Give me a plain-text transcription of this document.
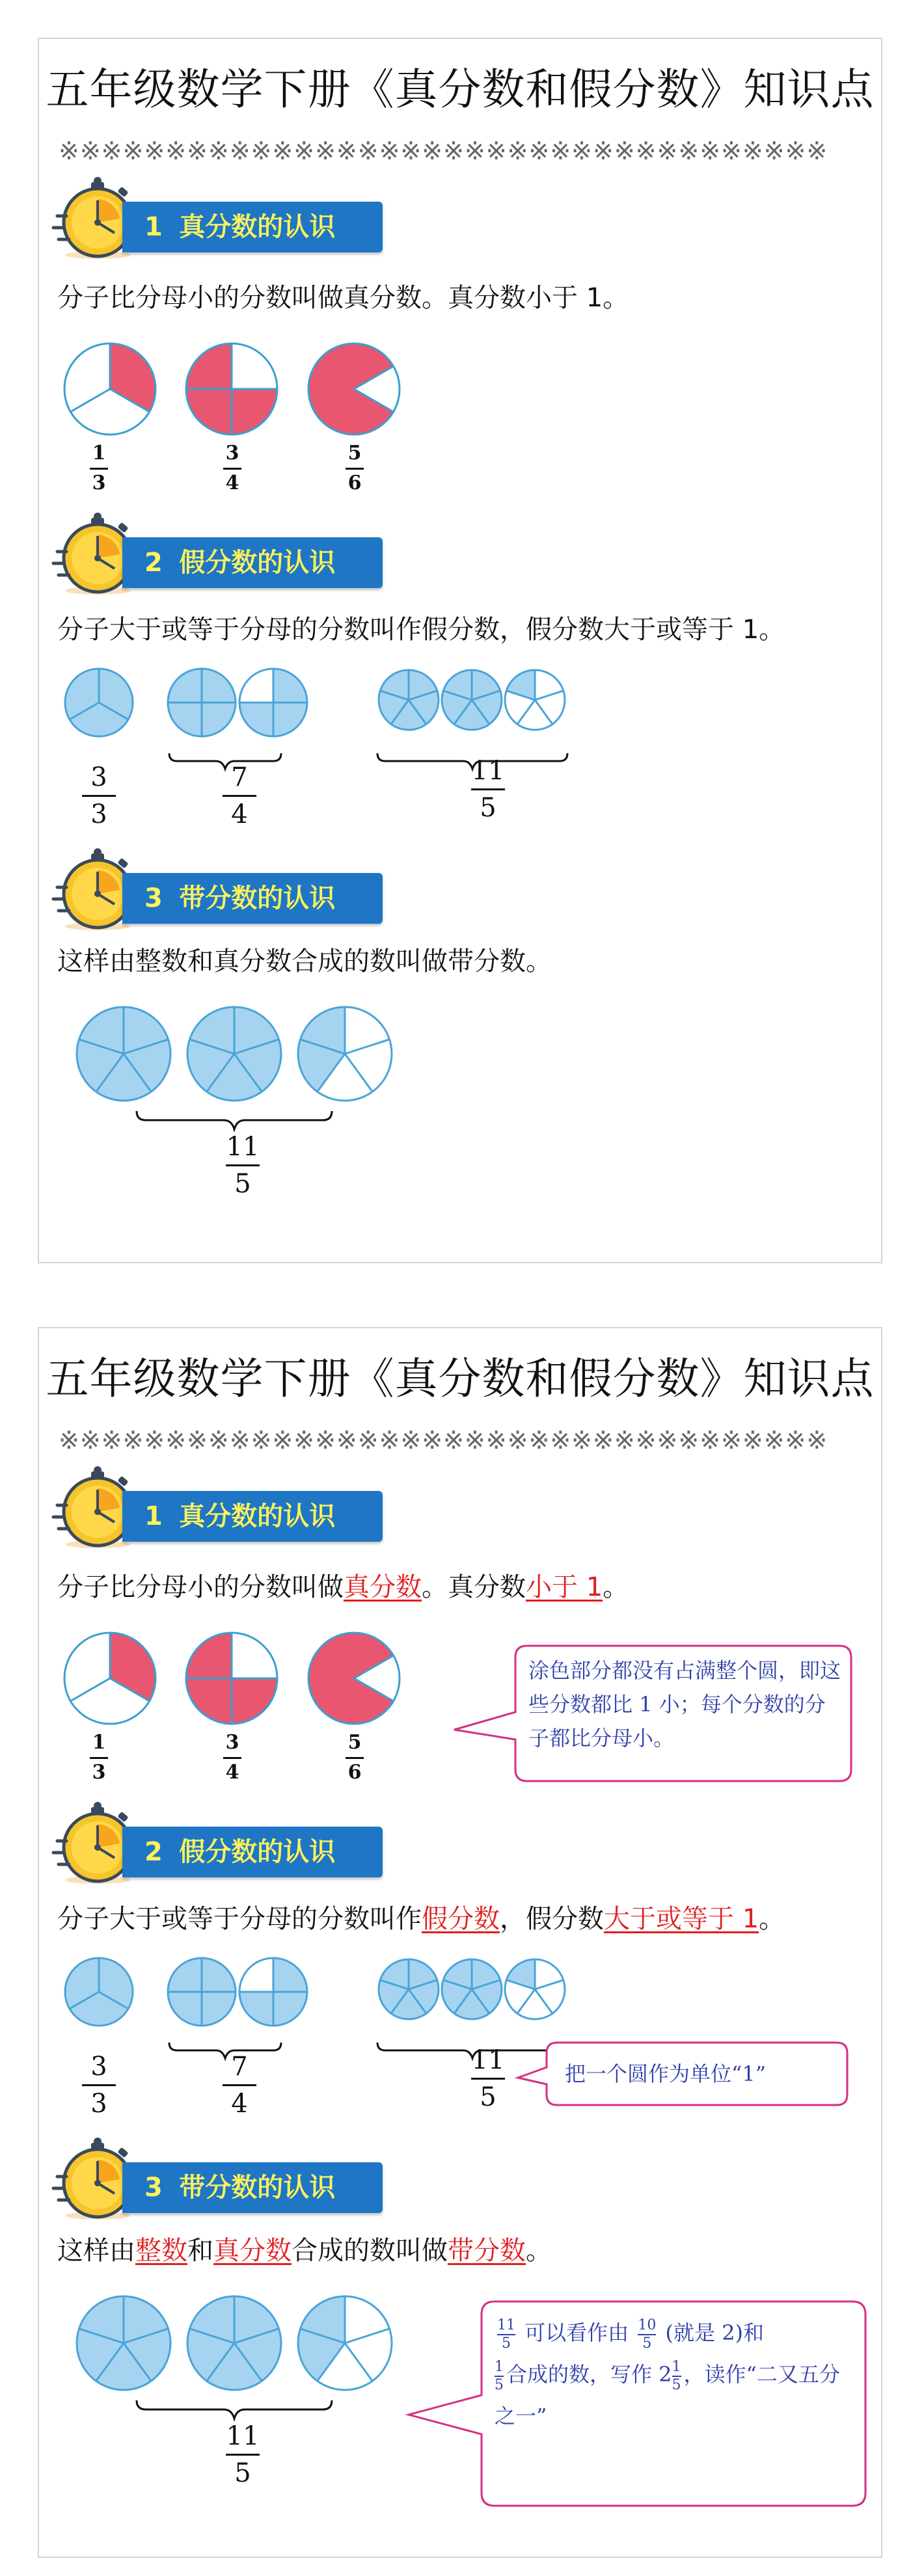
五年级数学下册《真分数和假分数》知识点
※※※※※※※※※※※※※※※※※※※※※※※※※※※※※※※※※※※※
1 真分数的认识
分子比分母小的分数叫做真分数。真分数小于 1。
1
3
3
4
5
6
2 假分数的认识
分子大于或等于分母的分数叫作假分数，假分数大于或等于 1。
3
3
7
4
11
5
3 带分数的认识
这样由整数和真分数合成的数叫做带分数。
11
5
五年级数学下册《真分数和假分数》知识点
※※※※※※※※※※※※※※※※※※※※※※※※※※※※※※※※※※※※
1 真分数的认识
分子比分母小的分数叫做真分数。真分数小于 1。
1
3
3
4
5
6
涂色部分都没有占满整个圆，即这些分数都比 1 小；每个分数的分子都比分母小。
2 假分数的认识
分子大于或等于分母的分数叫作假分数，假分数大于或等于 1。
3
3
7
4
11
5
把一个圆作为单位“1”
3 带分数的认识
这样由整数和真分数合成的数叫做带分数。
11
5
$\frac{11}{5}$ 可以看作由 $\frac{10}{5}$ (就是 2)和

$\frac{1}{5}$ 合成的数，写作 $2 \frac{1}{5}$ ，读作“二又五分之一”
